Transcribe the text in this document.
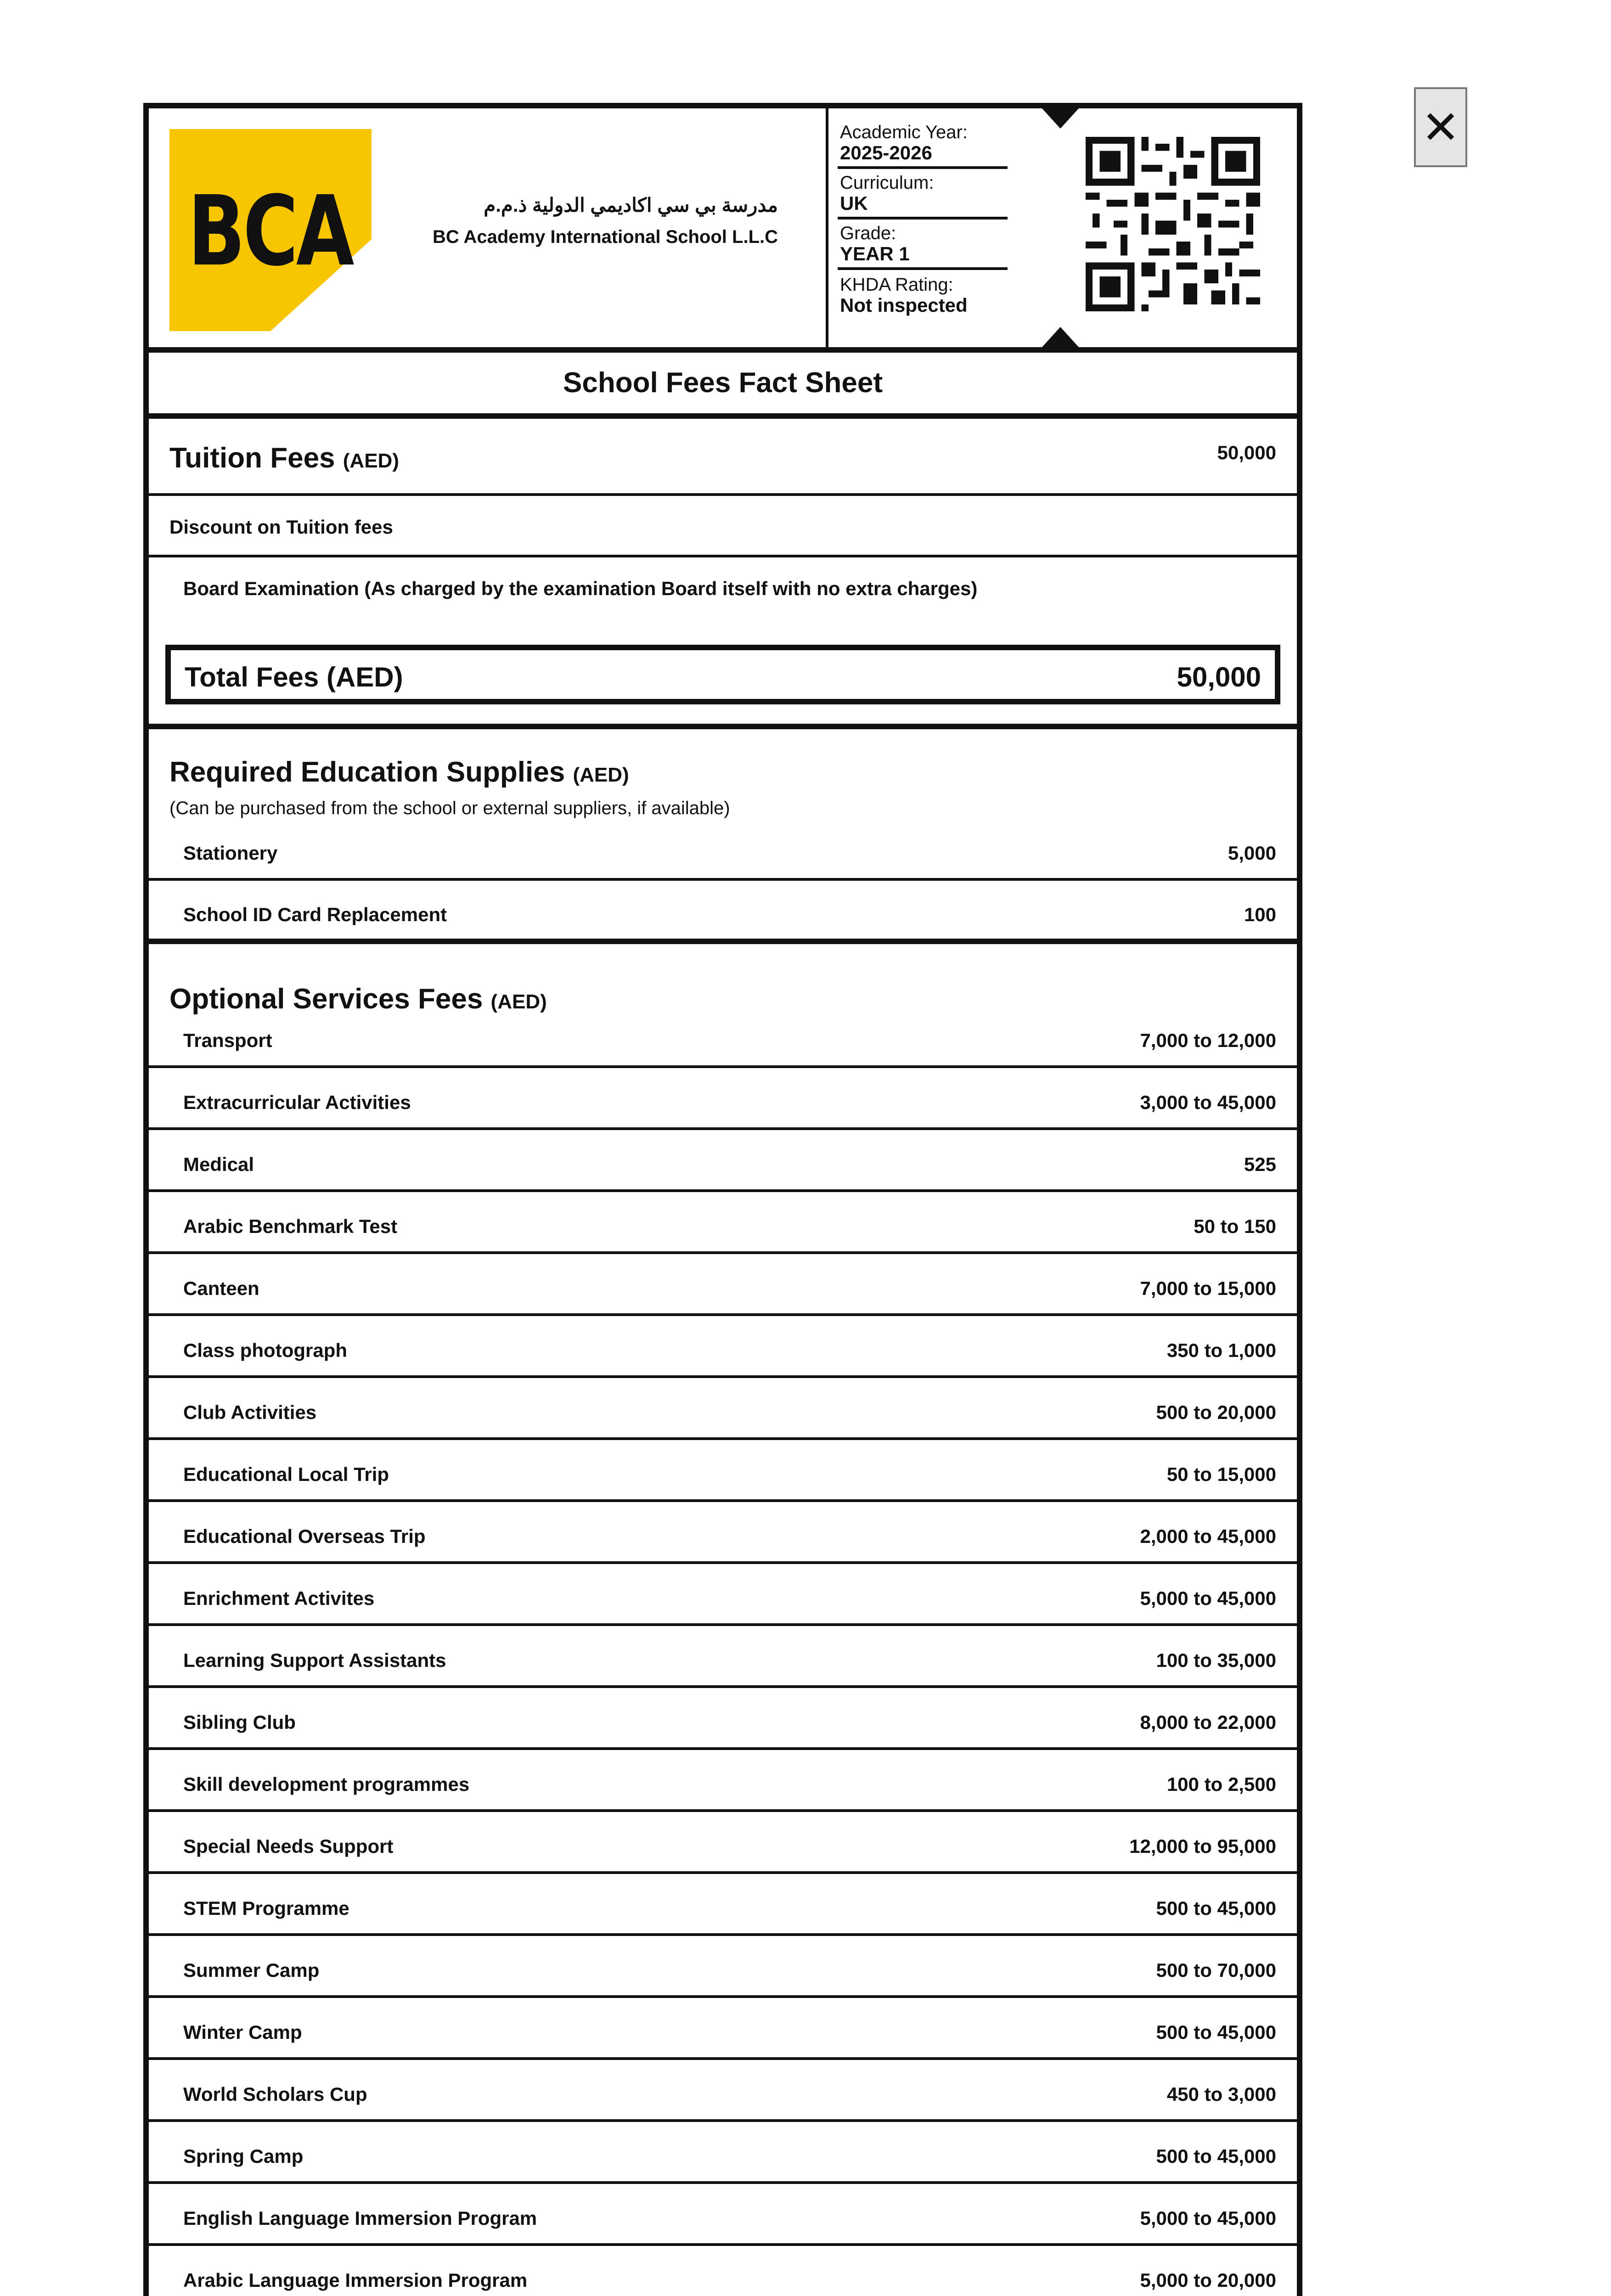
BCA	مدرسة بي سي اكاديمي الدولية ذ.م.م
BC Academy International School L.L.C
Academic Year:
2025-2026
Curriculum:
UK
Grade:
YEAR 1
KHDA Rating:
Not inspected
School Fees Fact Sheet
Tuition Fees (AED)	50,000
Discount on Tuition fees
Board Examination (As charged by the examination Board itself with no extra charges)
Total Fees (AED)	50,000
Required Education Supplies (AED)
(Can be purchased from the school or external suppliers, if available)
Stationery	5,000
School ID Card Replacement	100
Optional Services Fees (AED)
Transport	7,000 to 12,000
Extracurricular Activities	3,000 to 45,000
Medical	525
Arabic Benchmark Test	50 to 150
Canteen	7,000 to 15,000
Class photograph	350 to 1,000
Club Activities	500 to 20,000
Educational Local Trip	50 to 15,000
Educational Overseas Trip	2,000 to 45,000
Enrichment Activites	5,000 to 45,000
Learning Support Assistants	100 to 35,000
Sibling Club	8,000 to 22,000
Skill development programmes	100 to 2,500
Special Needs Support	12,000 to 95,000
STEM Programme	500 to 45,000
Summer Camp	500 to 70,000
Winter Camp	500 to 45,000
World Scholars Cup	450 to 3,000
Spring Camp	500 to 45,000
English Language Immersion Program	5,000 to 45,000
Arabic Language Immersion Program	5,000 to 20,000

✕
